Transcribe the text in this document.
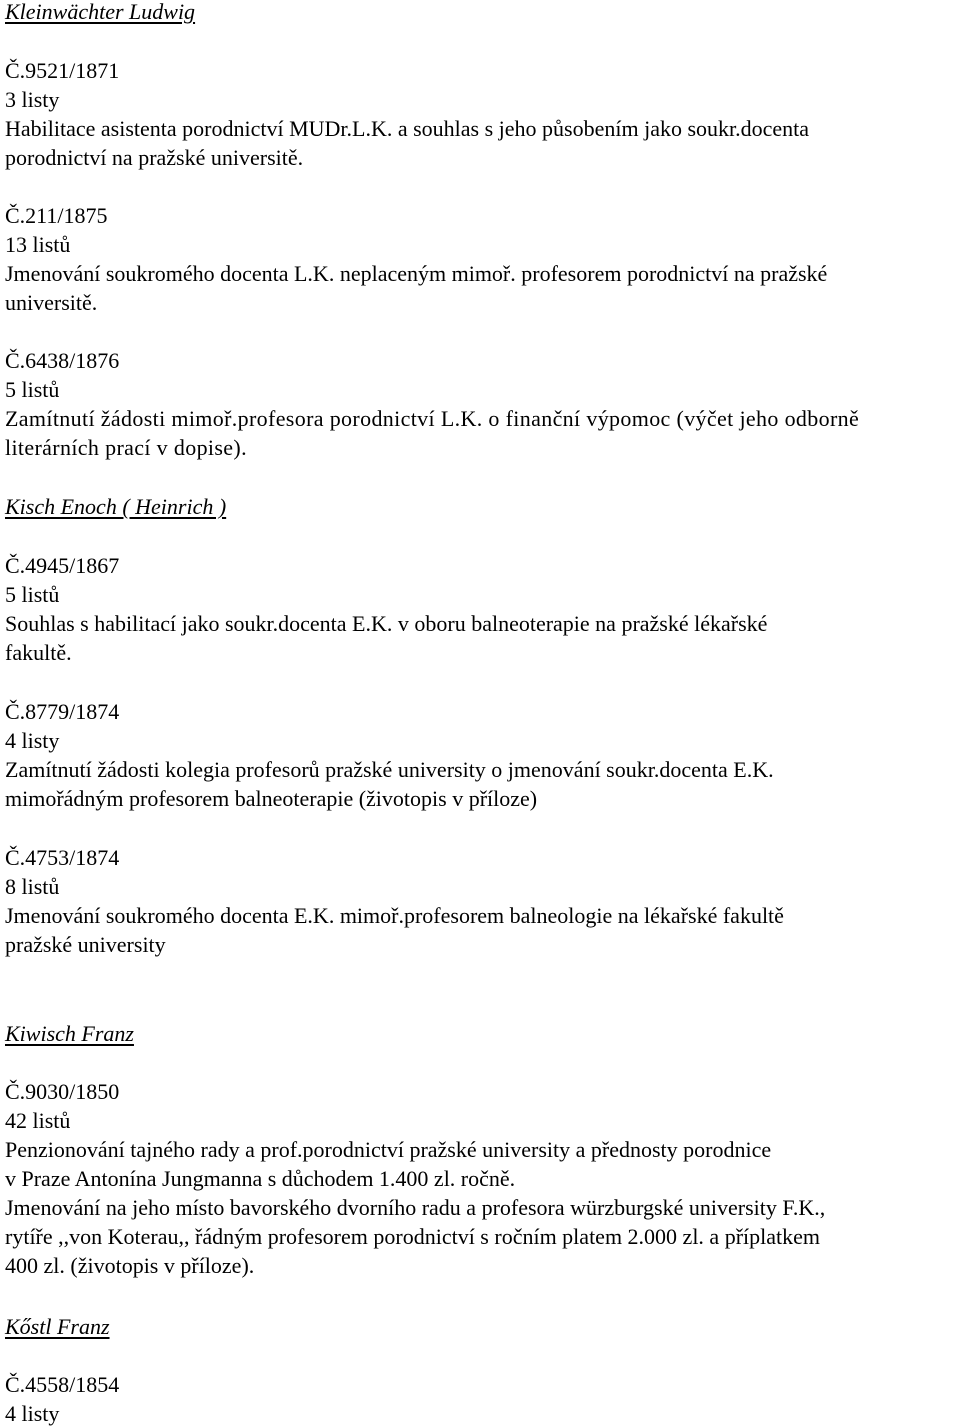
Kleinwächter Ludwig
Č.9521/1871
3 listy
Habilitace asistenta porodnictví MUDr.L.K. a souhlas s jeho působením jako soukr.docenta
porodnictví na pražské universitě.
Č.211/1875
13 listů
Jmenování soukromého docenta L.K. neplaceným mimoř. profesorem porodnictví na pražské
universitě.
Č.6438/1876
5 listů
Zamítnutí žádosti mimoř.profesora porodnictví L.K. o finanční výpomoc (výčet jeho odborně
literárních prací v dopise).
Kisch Enoch ( Heinrich )
Č.4945/1867
5 listů
Souhlas s habilitací jako soukr.docenta E.K. v oboru balneoterapie na pražské lékařské
fakultě.
Č.8779/1874
4 listy
Zamítnutí žádosti kolegia profesorů pražské university o jmenování soukr.docenta E.K.
mimořádným profesorem balneoterapie (životopis v příloze)
Č.4753/1874
8 listů
Jmenování soukromého docenta E.K. mimoř.profesorem balneologie na lékařské fakultě
pražské university
Kiwisch Franz
Č.9030/1850
42 listů
Penzionování tajného rady a prof.porodnictví pražské university a přednosty porodnice
v Praze Antonína Jungmanna s důchodem 1.400 zl. ročně.
Jmenování na jeho místo bavorského dvorního radu a profesora würzburgské university F.K.,
rytíře ,,von Koterau,, řádným profesorem porodnictví s ročním platem 2.000 zl. a příplatkem
400 zl. (životopis v příloze).
Kőstl Franz
Č.4558/1854
4 listy
